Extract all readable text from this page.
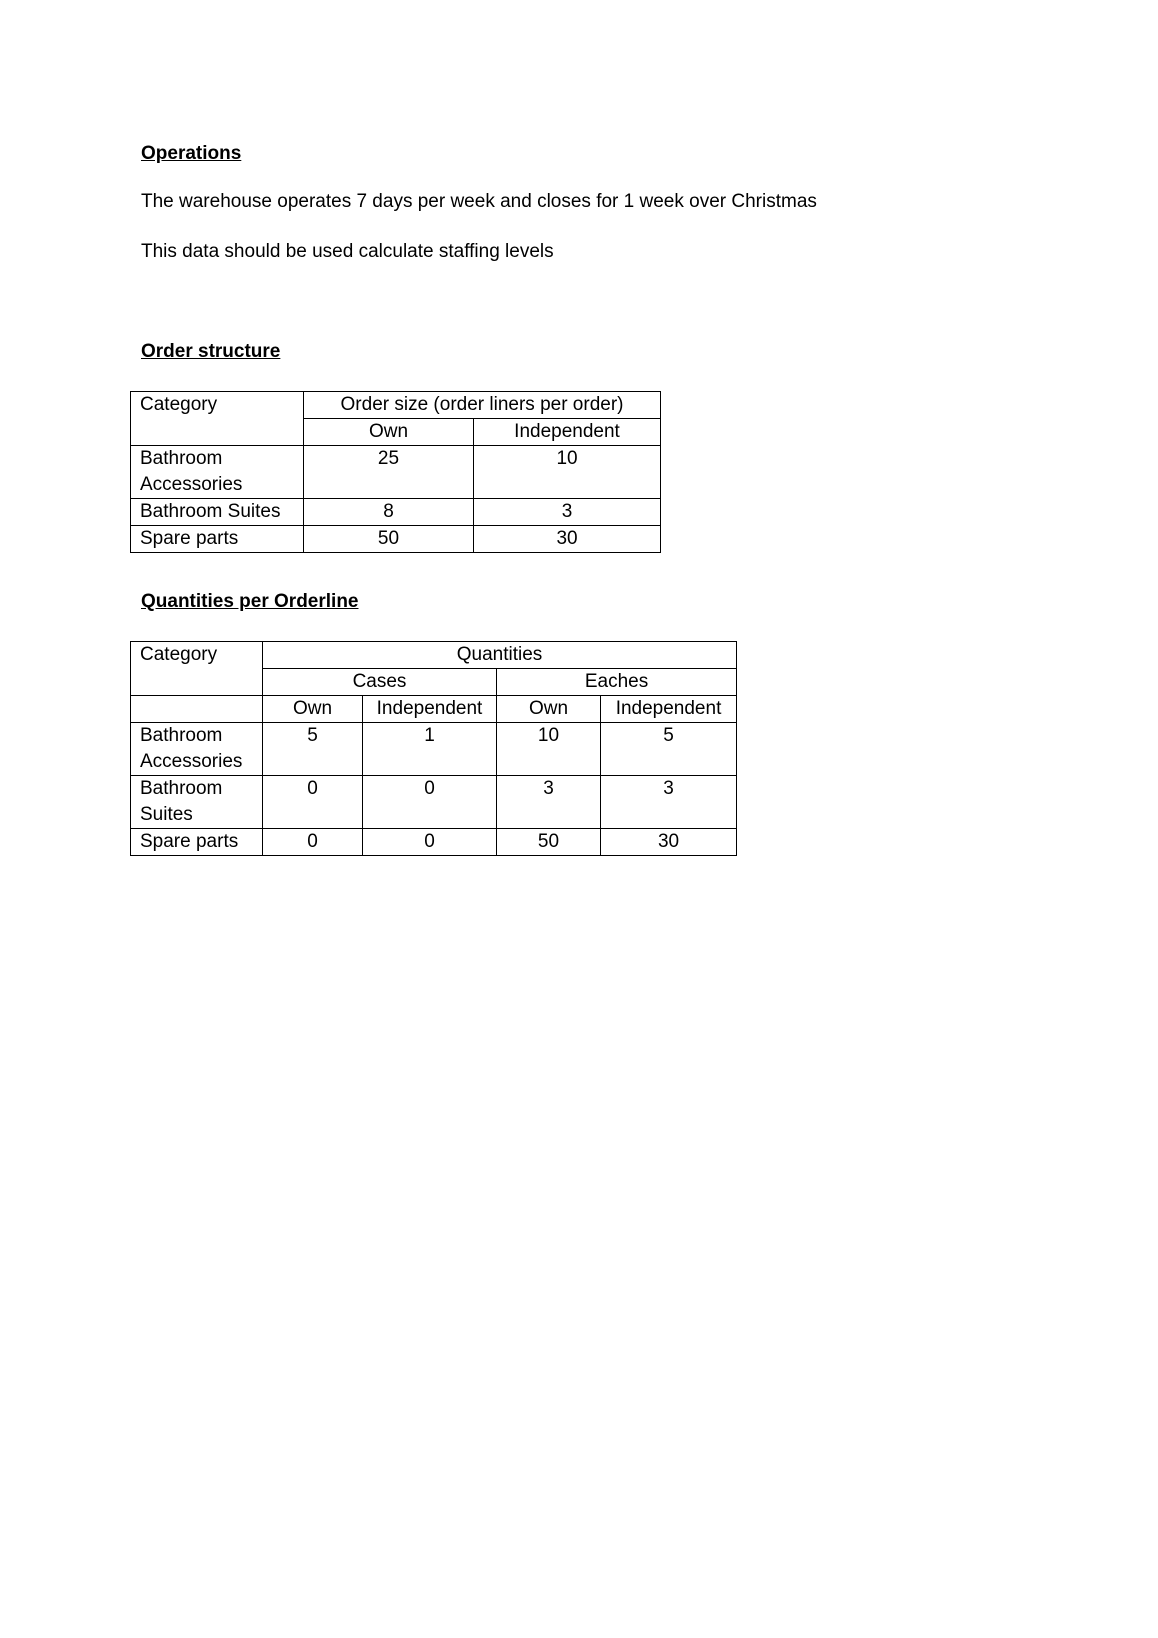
Operations

The warehouse operates 7 days per week and closes for 1 week over Christmas

This data should be used calculate staffing levels

Order structure

Category	Order size (order liners per order)	
	Own	Independent
Bathroom Accessories	25	10
Bathroom Suites	8	3
Spare parts	50	30

Quantities per Orderline

Category	Quantities			
	Cases		Eaches	
	Own	Independent	Own	Independent
Bathroom Accessories	5	1	10	5
Bathroom Suites	0	0	3	3
Spare parts	0	0	50	30
